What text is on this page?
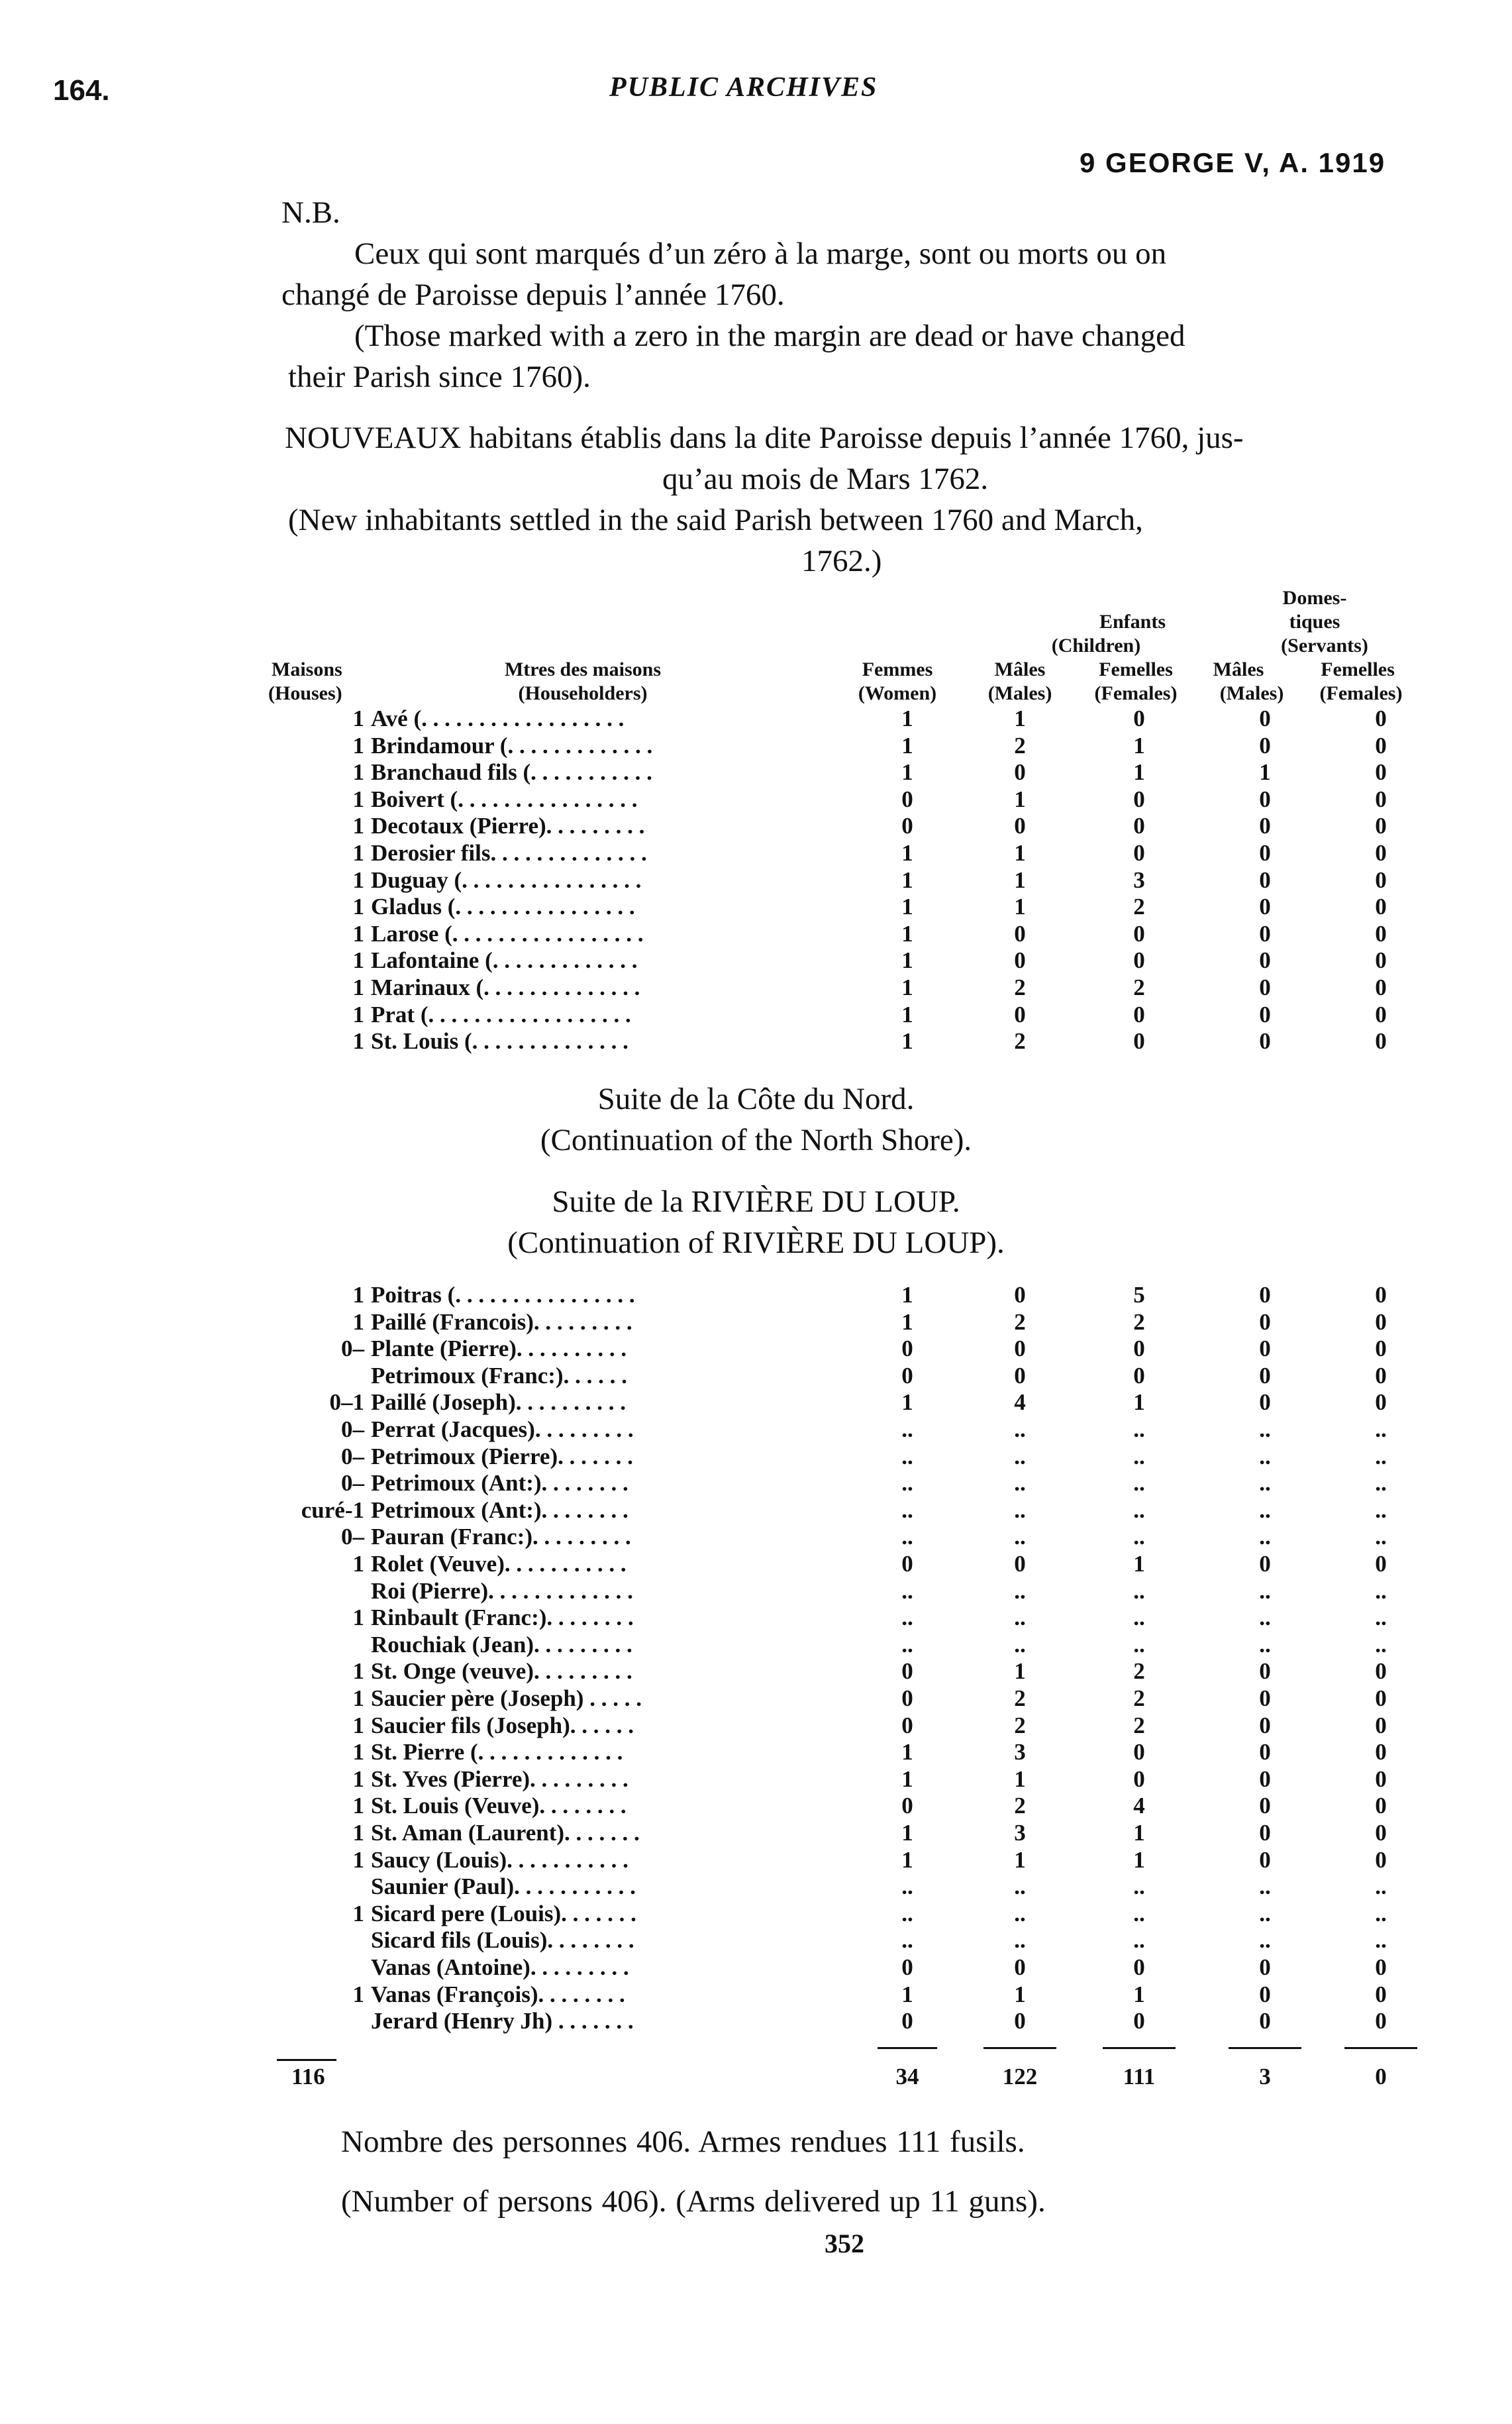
164.	PUBLIC ARCHIVES
9 GEORGE V, A. 1919
N.B.
Ceux qui sont marqués d’un zéro à la marge, sont ou morts ou on
changé de Paroisse depuis l’année 1760.
(Those marked with a zero in the margin are dead or have changed
their Parish since 1760).
NOUVEAUX habitans établis dans la dite Paroisse depuis l’année 1760, jus-
qu’au mois de Mars 1762.
(New inhabitants settled in the said Parish between 1760 and March,
1762.)
Domes-
Enfants	tiques
(Children)	(Servants)
Maisons	Mtres des maisons	Femmes	Mâles	Femelles	Mâles	Femelles
(Houses)	(Householders)	(Women)	(Males)	(Females)	(Males)	(Females)
1 Avé (. . . . . . . . . . . . . . . . . .	1	1	0	0	0
1 Brindamour (. . . . . . . . . . . . .	1	2	1	0	0
1 Branchaud fils (. . . . . . . . . . .	1	0	1	1	0
1 Boivert (. . . . . . . . . . . . . . . .	0	1	0	0	0
1 Decotaux (Pierre). . . . . . . . .	0	0	0	0	0
1 Derosier fils. . . . . . . . . . . . . .	1	1	0	0	0
1 Duguay (. . . . . . . . . . . . . . . .	1	1	3	0	0
1 Gladus (. . . . . . . . . . . . . . . .	1	1	2	0	0
1 Larose (. . . . . . . . . . . . . . . . .	1	0	0	0	0
1 Lafontaine (. . . . . . . . . . . . .	1	0	0	0	0
1 Marinaux (. . . . . . . . . . . . . .	1	2	2	0	0
1 Prat (. . . . . . . . . . . . . . . . . .	1	0	0	0	0
1 St. Louis (. . . . . . . . . . . . . .	1	2	0	0	0
Suite de la Côte du Nord.
(Continuation of the North Shore).
Suite de la RIVIÈRE DU LOUP.
(Continuation of RIVIÈRE DU LOUP).
1 Poitras (. . . . . . . . . . . . . . . .	1	0	5	0	0
1 Paillé (Francois). . . . . . . . .	1	2	2	0	0
0– Plante (Pierre). . . . . . . . . .	0	0	0	0	0
Petrimoux (Franc:). . . . . .	0	0	0	0	0
0–1 Paillé (Joseph). . . . . . . . . .	1	4	1	0	0
0– Perrat (Jacques). . . . . . . . .	..	..	..	..	..
0– Petrimoux (Pierre). . . . . . .	..	..	..	..	..
0– Petrimoux (Ant:). . . . . . . .	..	..	..	..	..
curé-1 Petrimoux (Ant:). . . . . . . .	..	..	..	..	..
0– Pauran (Franc:). . . . . . . . .	..	..	..	..	..
1 Rolet (Veuve). . . . . . . . . . .	0	0	1	0	0
Roi (Pierre). . . . . . . . . . . . .	..	..	..	..	..
1 Rinbault (Franc:). . . . . . . .	..	..	..	..	..
Rouchiak (Jean). . . . . . . . .	..	..	..	..	..
1 St. Onge (veuve). . . . . . . . .	0	1	2	0	0
1 Saucier père (Joseph) . . . . .	0	2	2	0	0
1 Saucier fils (Joseph). . . . . .	0	2	2	0	0
1 St. Pierre (. . . . . . . . . . . . .	1	3	0	0	0
1 St. Yves (Pierre). . . . . . . . .	1	1	0	0	0
1 St. Louis (Veuve). . . . . . . .	0	2	4	0	0
1 St. Aman (Laurent). . . . . . .	1	3	1	0	0
1 Saucy (Louis). . . . . . . . . . .	1	1	1	0	0
Saunier (Paul). . . . . . . . . . .	..	..	..	..	..
1 Sicard pere (Louis). . . . . . .	..	..	..	..	..
Sicard fils (Louis). . . . . . . .	..	..	..	..	..
Vanas (Antoine). . . . . . . . .	0	0	0	0	0
1 Vanas (François). . . . . . . .	1	1	1	0	0
Jerard (Henry Jh) . . . . . . .	0	0	0	0	0
116	34	122	111	3	0
Nombre des personnes 406. Armes rendues 111 fusils.
(Number of persons 406). (Arms delivered up 11 guns).
352
